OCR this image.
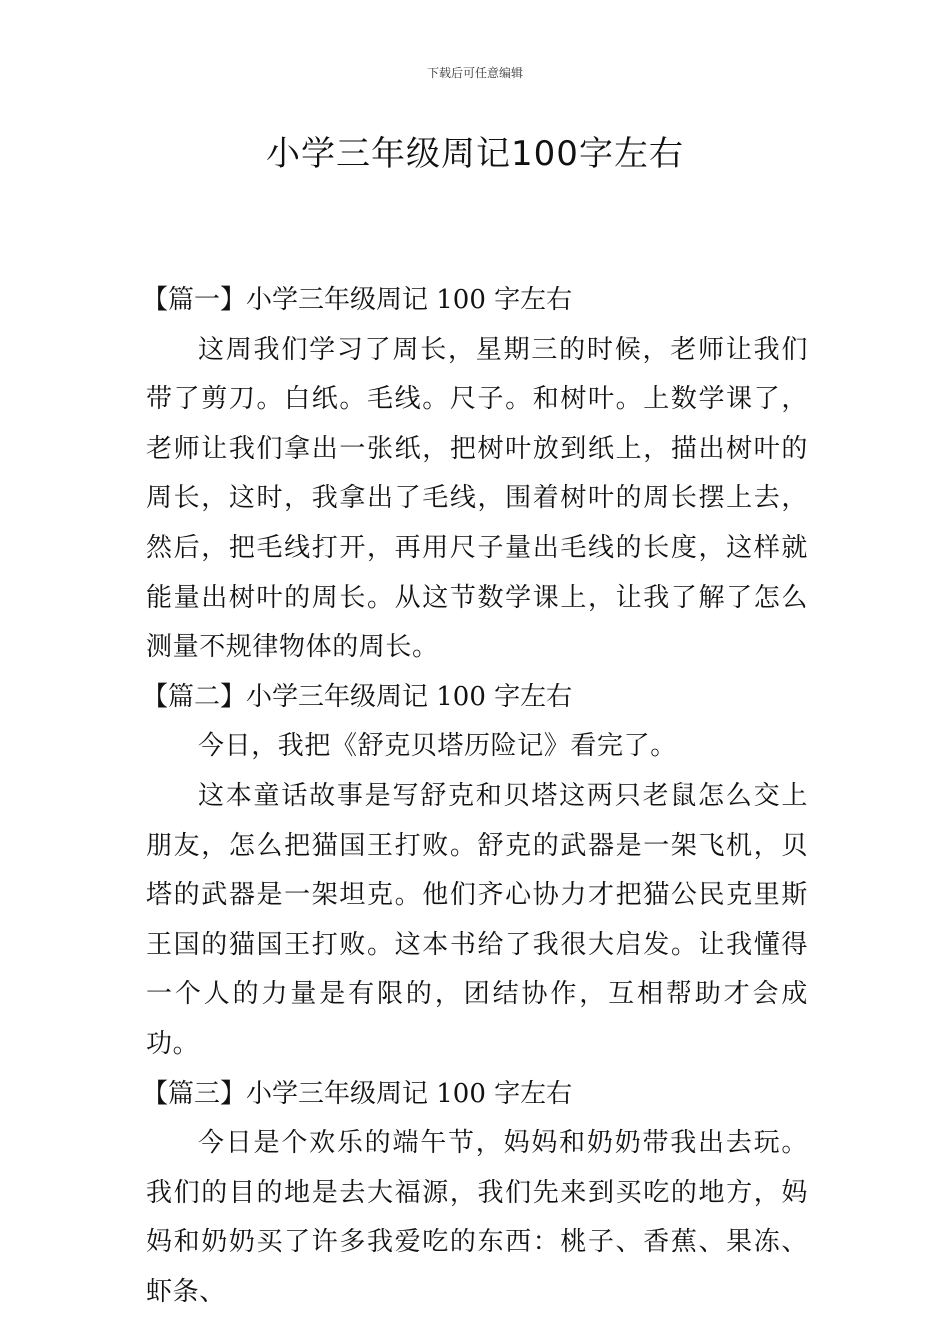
下载后可任意编辑
小学三年级周记100字左右
【篇一】小学三年级周记 100 字左右

这周我们学习了周长，星期三的时候，老师让我们带了剪刀。白纸。毛线。尺子。和树叶。上数学课了，老师让我们拿出一张纸，把树叶放到纸上，描出树叶的周长，这时，我拿出了毛线，围着树叶的周长摆上去，然后，把毛线打开，再用尺子量出毛线的长度，这样就能量出树叶的周长。从这节数学课上，让我了解了怎么测量不规律物体的周长。

【篇二】小学三年级周记 100 字左右

今日，我把《舒克贝塔历险记》看完了。

这本童话故事是写舒克和贝塔这两只老鼠怎么交上朋友，怎么把猫国王打败。舒克的武器是一架飞机，贝塔的武器是一架坦克。他们齐心协力才把猫公民克里斯王国的猫国王打败。这本书给了我很大启发。让我懂得一个人的力量是有限的，团结协作，互相帮助才会成功。

【篇三】小学三年级周记 100 字左右

今日是个欢乐的端午节，妈妈和奶奶带我出去玩。我们的目的地是去大福源，我们先来到买吃的地方，妈妈和奶奶买了许多我爱吃的东西：桃子、香蕉、果冻、虾条、
